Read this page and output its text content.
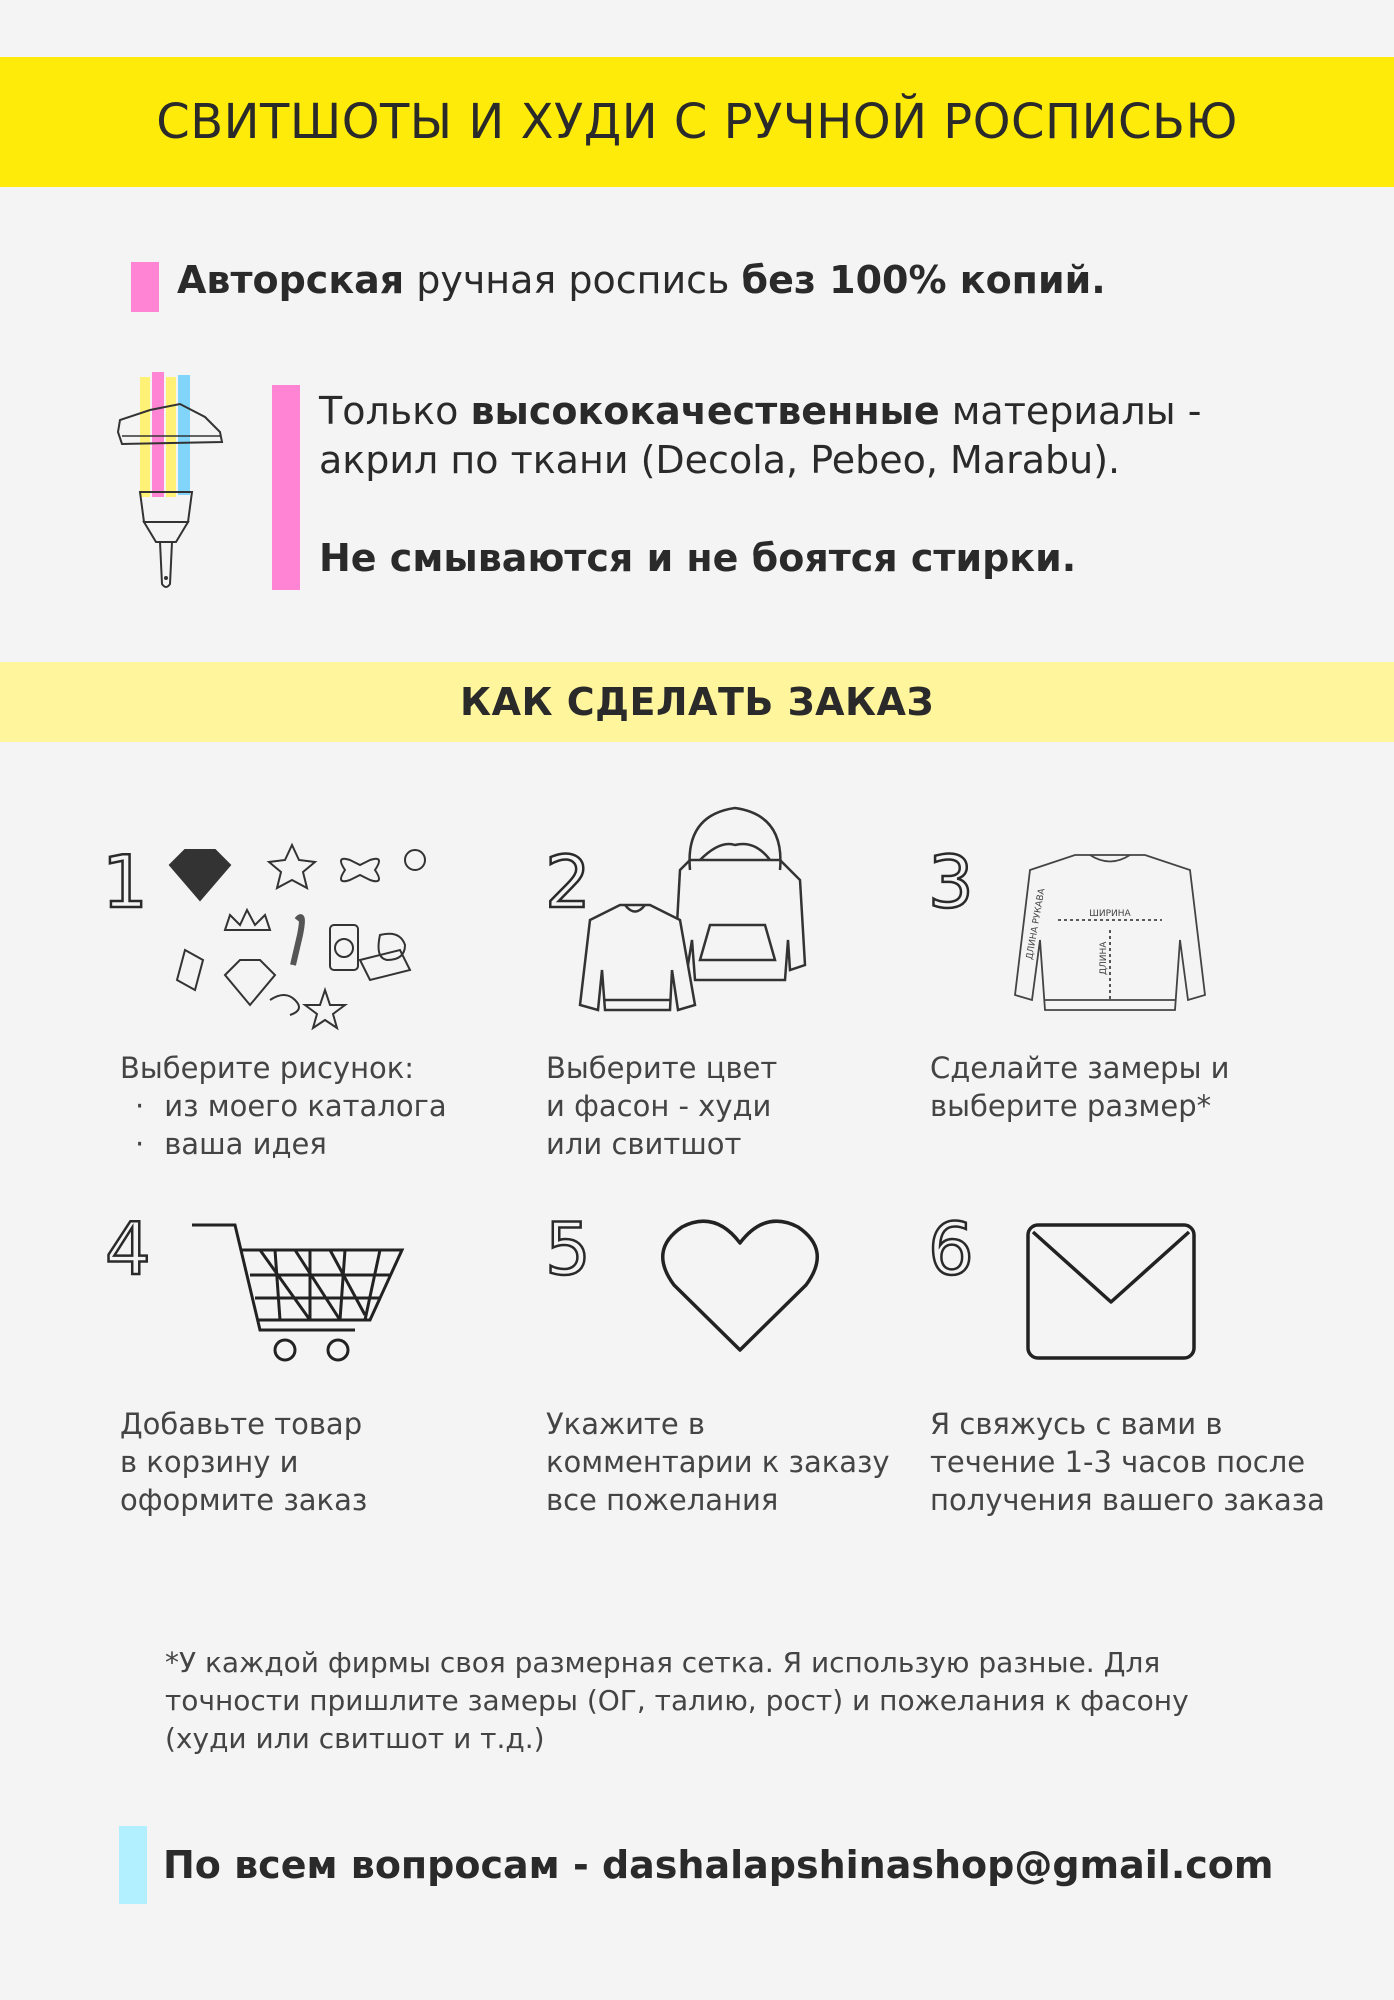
СВИТШОТЫ И ХУДИ С РУЧНОЙ РОСПИСЬЮ
Авторская ручная роспись без 100% копий.

Только высококачественные материалы -

акрил по ткани (Decola, Pebeo, Marabu).

Не смываются и не боятся стирки.

КАК СДЕЛАТЬ ЗАКАЗ
1
Выберите рисунок:
· из моего каталога
· ваша идея
2
Выберите цвет
и фасон - худи
или свитшот
3	ШИРИНА
ДЛИНА РУКАВА	ДЛИНА
Сделайте замеры и
выберите размер*
4
Добавьте товар
в корзину и
оформите заказ
5
Укажите в
комментарии к заказу
все пожелания
6
Я свяжусь с вами в
течение 1-3 часов после
получения вашего заказа

*У каждой фирмы своя размерная сетка. Я использую разные. Для

точности пришлите замеры (ОГ, талию, рост) и пожелания к фасону

(худи или свитшот и т.д.)

По всем вопросам - dashalapshinashop@gmail.com
